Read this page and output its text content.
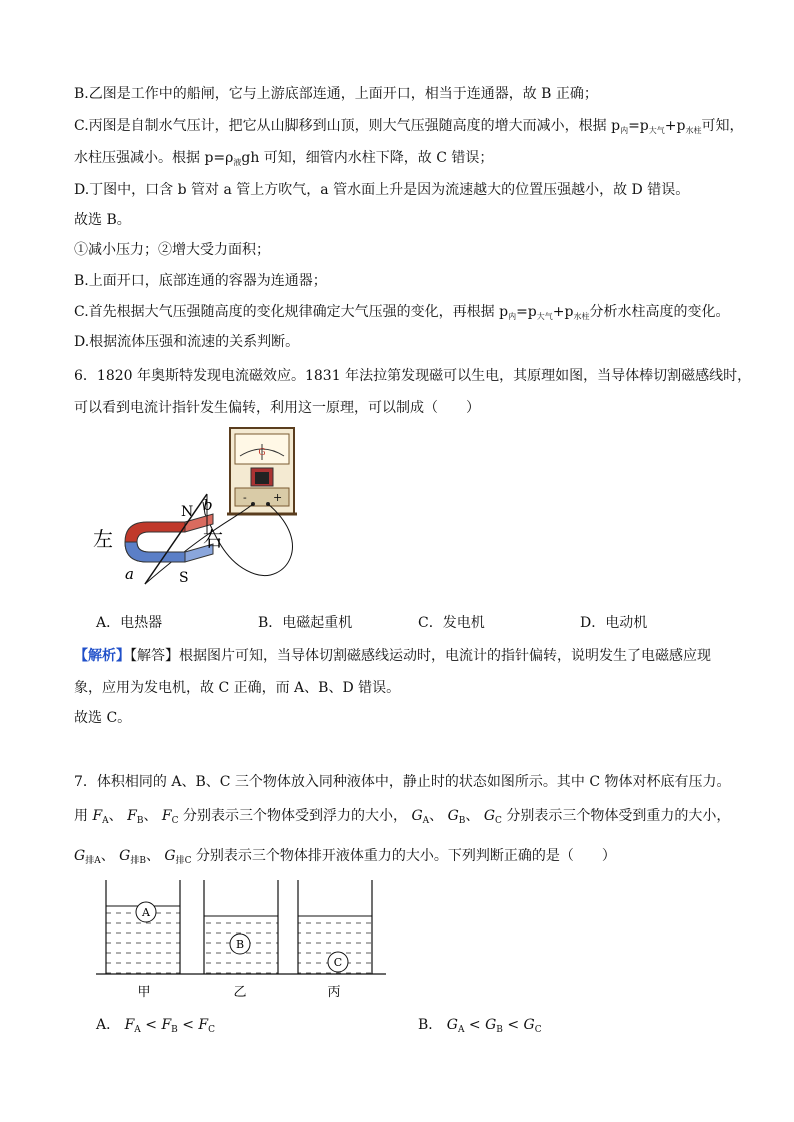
B.乙图是工作中的船闸，它与上游底部连通，上面开口，相当于连通器，故 B 正确；
C.丙图是自制水气压计，把它从山脚移到山顶，则大气压强随高度的增大而减小，根据 $p_内=p_{大气}+p_{水柱}$可知，
水柱压强减小。根据 $p=\rho_液gh$ 可知，细管内水柱下降，故 C 错误；
D.丁图中，口含 b 管对 a 管上方吹气，a 管水面上升是因为流速越大的位置压强越小，故 D 错误。
故选 B。
①减小压力；②增大受力面积；
B.上面开口，底部连通的容器为连通器；
C.首先根据大气压强随高度的变化规律确定大气压强的变化，再根据 $p_内=p_{大气}+p_{水柱}$分析水柱高度的变化。
D.根据流体压强和流速的关系判断。
6．1820 年奥斯特发现电流磁效应。1831 年法拉第发现磁可以生电，其原理如图，当导体棒切割磁感线时，
可以看到电流计指针发生偏转，利用这一原理，可以制成（　　）
G
- +
N
S
b
a
左	右
A．电热器	B．电磁起重机	C．发电机	D．电动机
【解析】【解答】根据图片可知，当导体切割磁感线运动时，电流计的指针偏转，说明发生了电磁感应现
象，应用为发电机，故 C 正确，而 A、B、D 错误。
故选 C。
7．体积相同的 A、B、C 三个物体放入同种液体中，静止时的状态如图所示。其中 C 物体对杯底有压力。
用 $F_A$、 $F_B$、 $F_C$ 分别表示三个物体受到浮力的大小， $G_A$、 $G_B$、 $G_C$ 分别表示三个物体受到重力的大小，
$G_{排A}$、 $G_{排B}$、 $G_{排C}$ 分别表示三个物体排开液体重力的大小。下列判断正确的是（　　）
A
B
C
甲	乙	丙
A． $F_A < F_B < F_C$	B． $G_A < G_B < G_C$
